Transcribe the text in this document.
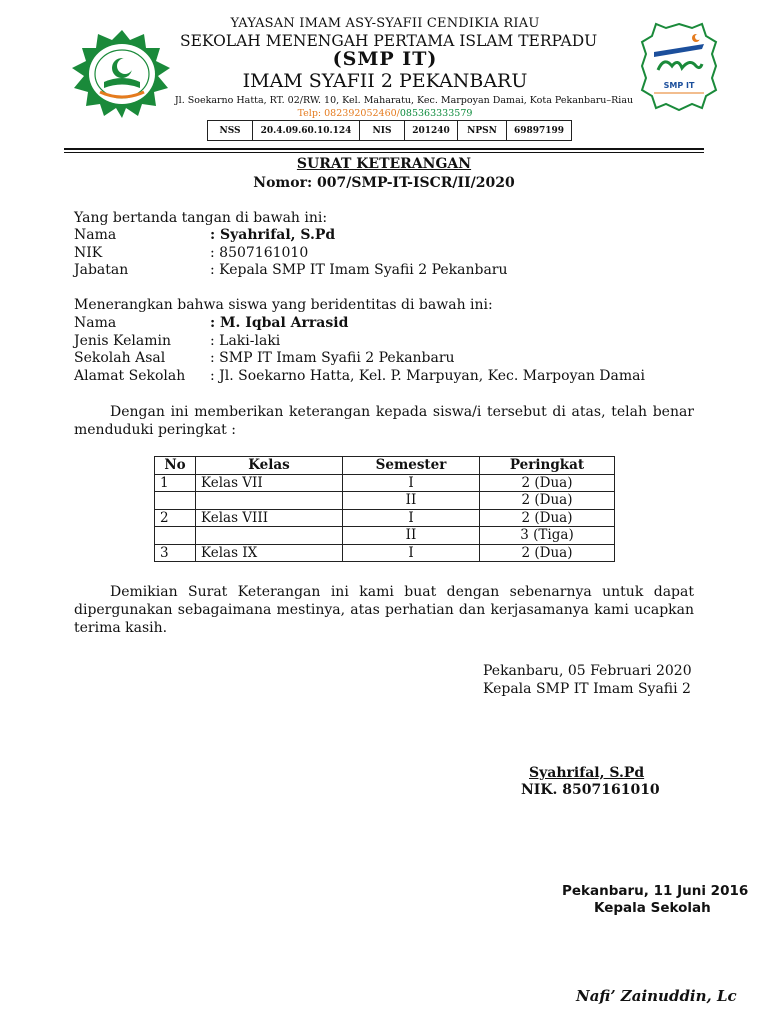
SMP IT
YAYASAN IMAM ASY-SYAFII CENDIKIA RIAU
SEKOLAH MENENGAH PERTAMA ISLAM TERPADU
(SMP IT)
IMAM SYAFII 2 PEKANBARU
Jl. Soekarno Hatta, RT. 02/RW. 10, Kel. Maharatu, Kec. Marpoyan Damai, Kota Pekanbaru–Riau
Telp: 082392052460/085363333579
NSS	20.4.09.60.10.124	NIS	201240	NPSN	69897199
SURAT KETERANGAN
Nomor: 007/SMP-IT-ISCR/II/2020
Yang bertanda tangan di bawah ini:
Nama	: Syahrifal, S.Pd
NIK	: 8507161010
Jabatan	: Kepala SMP IT Imam Syafii 2 Pekanbaru
Menerangkan bahwa siswa yang beridentitas di bawah ini:
Nama	: M. Iqbal Arrasid
Jenis Kelamin	: Laki-laki
Sekolah Asal	: SMP IT Imam Syafii 2 Pekanbaru
Alamat Sekolah : Jl. Soekarno Hatta, Kel. P. Marpuyan, Kec. Marpoyan Damai
Dengan ini memberikan keterangan kepada siswa/i tersebut di atas, telah benar
menduduki peringkat :
No	Kelas	Semester	Peringkat
1	Kelas VII	I	2 (Dua)
		II	2 (Dua)
2	Kelas VIII	I	2 (Dua)
		II	3 (Tiga)
3	Kelas IX	I	2 (Dua)
Demikian Surat Keterangan ini kami buat dengan sebenarnya untuk dapat
dipergunakan sebagaimana mestinya, atas perhatian dan kerjasamanya kami ucapkan
terima kasih.
Pekanbaru, 05 Februari 2020
Kepala SMP IT Imam Syafii 2
Syahrifal, S.Pd
NIK. 8507161010
Pekanbaru, 11 Juni 2016
Kepala Sekolah
Nafi’ Zainuddin, Lc
